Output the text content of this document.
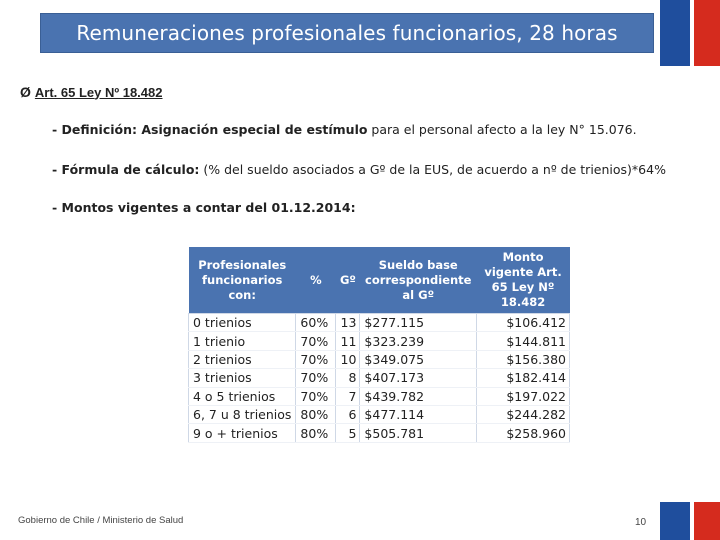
Remuneraciones profesionales funcionarios, 28 horas
Ø Art. 65 Ley Nº 18.482
- Definición: Asignación especial de estímulo para el personal afecto a la ley N° 15.076.
- Fórmula de cálculo: (% del sueldo asociados a Gº de la EUS, de acuerdo a nº de trienios)*64%
- Montos vigentes a contar del 01.12.2014:
Profesionales funcionarios con:	%	Gº	Sueldo base correspondiente al Gº	Monto vigente Art. 65 Ley Nº 18.482
0 trienios	60%	13	$277.115	$106.412
1 trienio	70%	11	$323.239	$144.811
2 trienios	70%	10	$349.075	$156.380
3 trienios	70%	8	$407.173	$182.414
4 o 5 trienios	70%	7	$439.782	$197.022
6, 7 u 8 trienios	80%	6	$477.114	$244.282
9 o + trienios	80%	5	$505.781	$258.960
Gobierno de Chile / Ministerio de Salud	10
